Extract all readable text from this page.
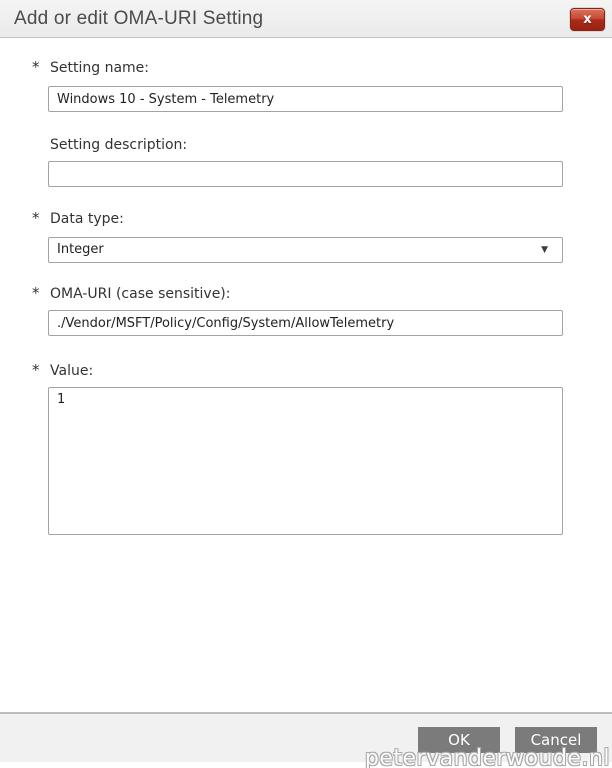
Add or edit OMA-URI Setting	x
* Setting name:
Windows 10 - System - Telemetry
Setting description:
* Data type:
Integer	▼
* OMA-URI (case sensitive):
./Vendor/MSFT/Policy/Config/System/AllowTelemetry
* Value:
1
OK	Cancel
petervanderwoude.nl
